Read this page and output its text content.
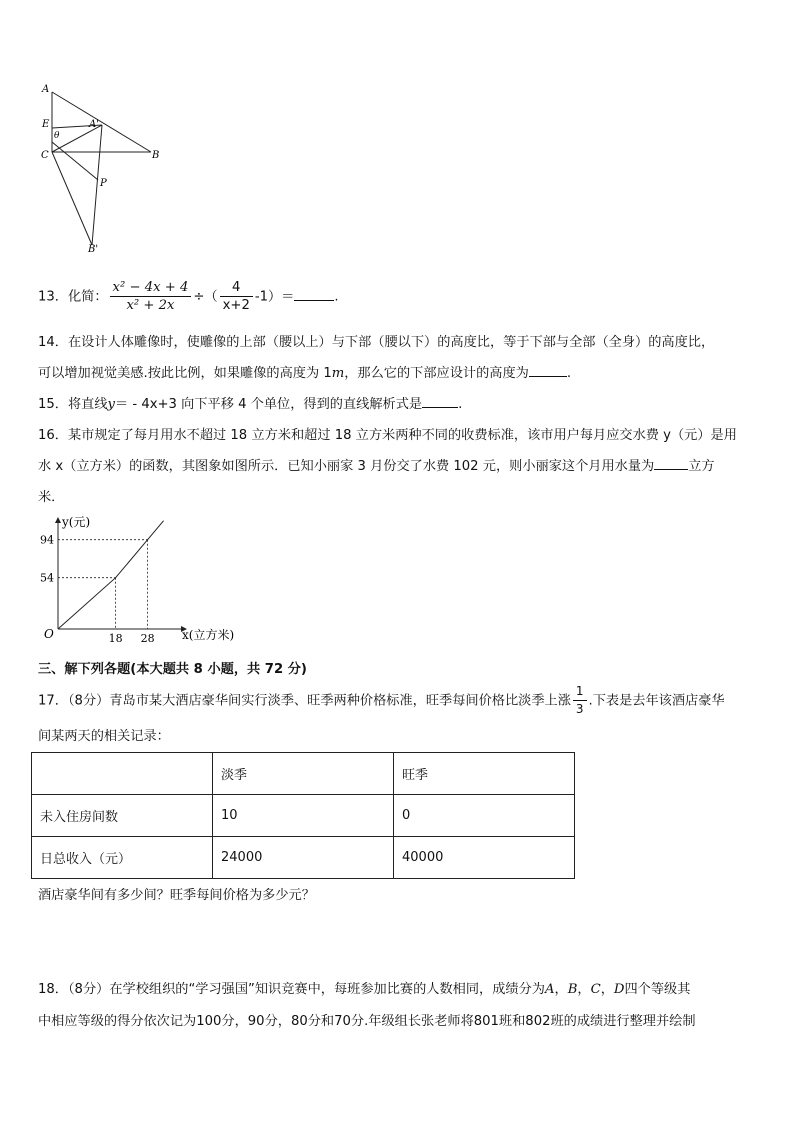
A
E
θ
A'
C	B
P
B'
13．化简： $\frac{\text{x² − 4x + 4}}{\text{x² + 2x}}$ ÷（ $\frac{4}{x+2} -1)=$	.
14．在设计人体雕像时，使雕像的上部（腰以上）与下部（腰以下）的高度比，等于下部与全部（全身）的高度比，
可以增加视觉美感.按此比例，如果雕像的高度为 1m，那么它的下部应设计的高度为	.
15．将直线y＝ - 4x+3 向下平移 4 个单位，得到的直线解析式是	.
16．某市规定了每月用水不超过 18 立方米和超过 18 立方米两种不同的收费标准，该市用户每月应交水费 y（元）是用
水 x（立方米）的函数，其图象如图所示．已知小丽家 3 月份交了水费 102 元，则小丽家这个月用水量为	立方
米．
y(元)
x(立方米)
O	18 28
54
94
三、解下列各题(本大题共 8 小题，共 72 分)
17．（8分）青岛市某大酒店豪华间实行淡季、旺季两种价格标准，旺季每间价格比淡季上涨 $\frac{1}{3}$ .下表是去年该酒店豪华
间某两天的相关记录：
	淡季	旺季
未入住房间数	10	0
日总收入（元）	24000	40000
酒店豪华间有多少间？旺季每间价格为多少元？
18．（8分）在学校组织的“学习强国”知识竞赛中，每班参加比赛的人数相同，成绩分为A，B，C，D四个等级其
中相应等级的得分依次记为100分，90分，80分和70分.年级组长张老师将801班和802班的成绩进行整理并绘制
